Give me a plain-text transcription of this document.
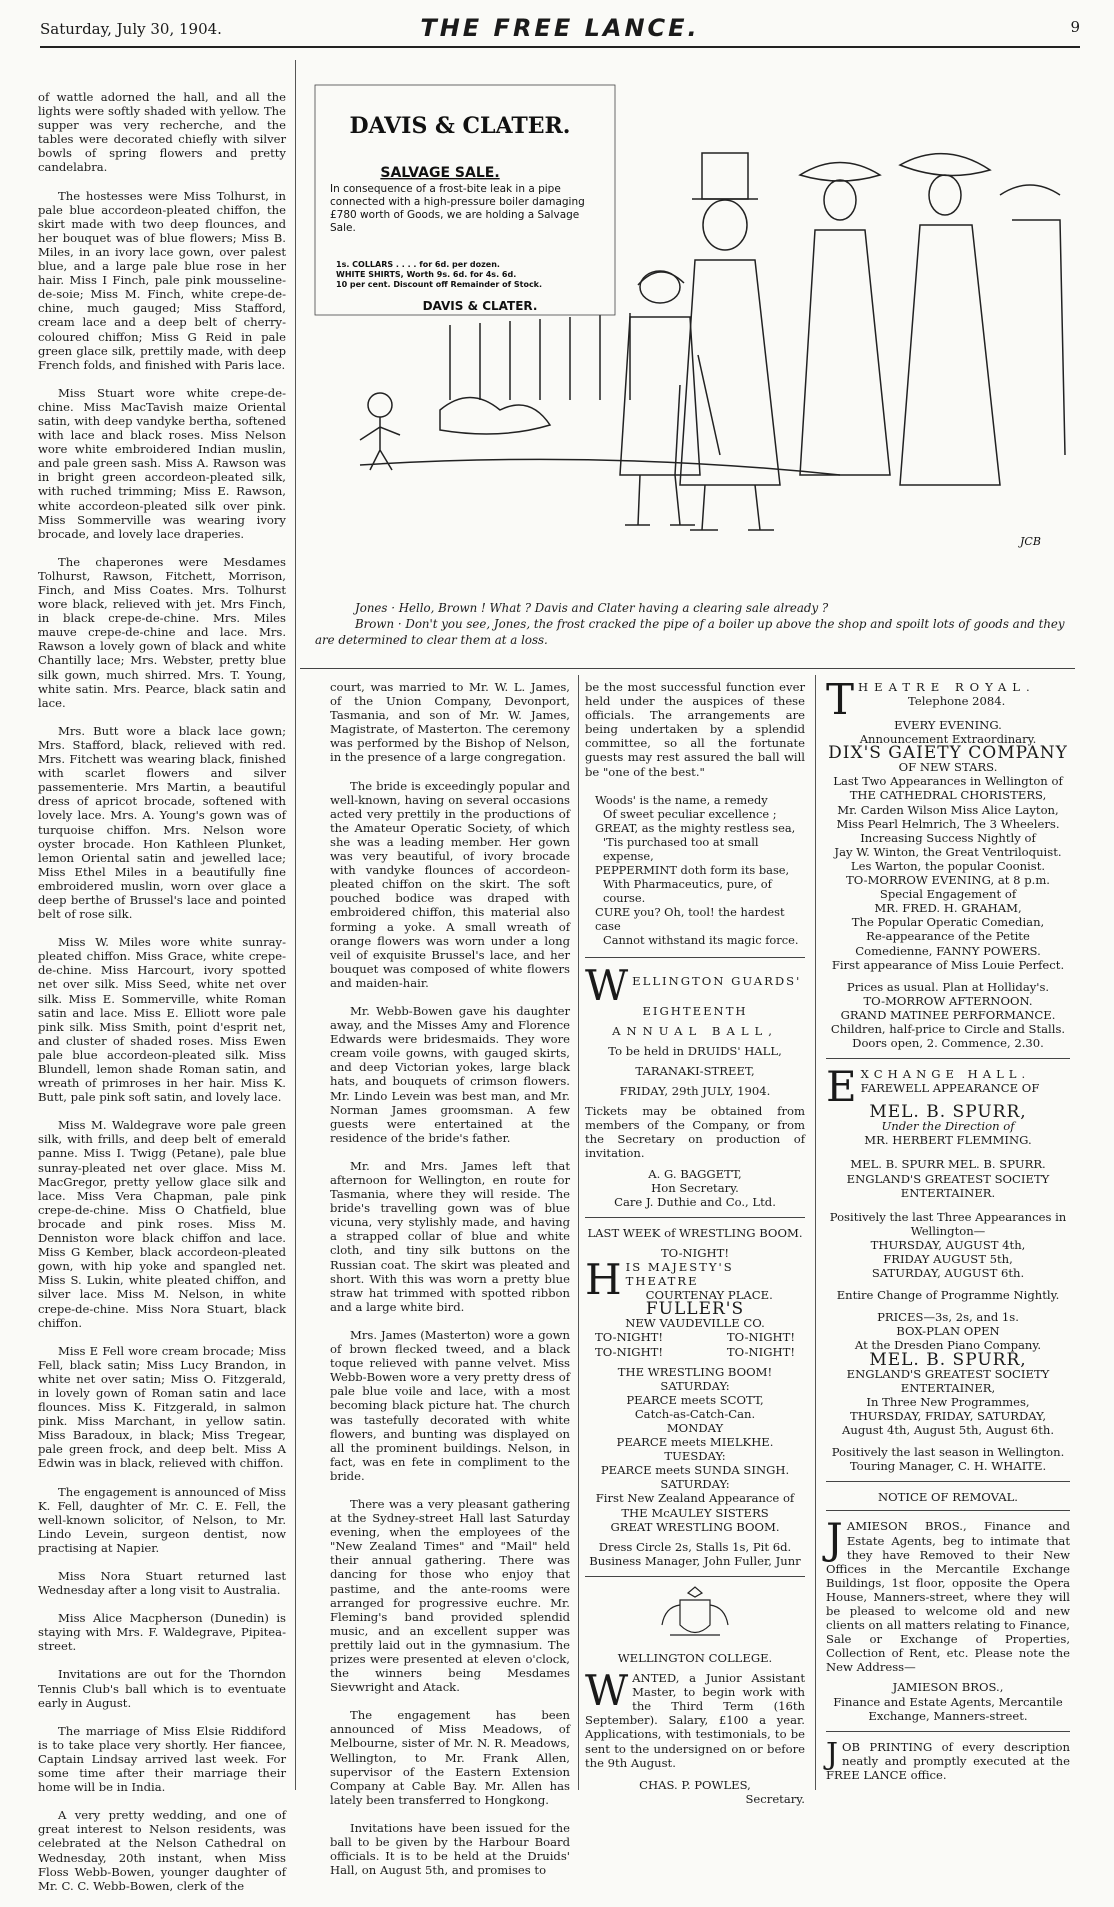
Saturday, July 30, 1904.	THE FREE LANCE.	9

of wattle adorned the hall, and all the lights were softly shaded with yellow. The supper was very recherche, and the tables were decorated chiefly with silver bowls of spring flowers and pretty candelabra.

The hostesses were Miss Tolhurst, in pale blue accordeon-pleated chiffon, the skirt made with two deep flounces, and her bouquet was of blue flowers; Miss B. Miles, in an ivory lace gown, over palest blue, and a large pale blue rose in her hair. Miss I Finch, pale pink mousseline-de-soie; Miss M. Finch, white crepe-de-chine, much gauged; Miss Stafford, cream lace and a deep belt of cherry-coloured chiffon; Miss G Reid in pale green glace silk, prettily made, with deep French folds, and finished with Paris lace.

Miss Stuart wore white crepe-de-chine. Miss MacTavish maize Oriental satin, with deep vandyke bertha, softened with lace and black roses. Miss Nelson wore white embroidered Indian muslin, and pale green sash. Miss A. Rawson was in bright green accordeon-pleated silk, with ruched trimming; Miss E. Rawson, white accordeon-pleated silk over pink. Miss Sommerville was wearing ivory brocade, and lovely lace draperies.

The chaperones were Mesdames Tolhurst, Rawson, Fitchett, Morrison, Finch, and Miss Coates. Mrs. Tolhurst wore black, relieved with jet. Mrs Finch, in black crepe-de-chine. Mrs. Miles mauve crepe-de-chine and lace. Mrs. Rawson a lovely gown of black and white Chantilly lace; Mrs. Webster, pretty blue silk gown, much shirred. Mrs. T. Young, white satin. Mrs. Pearce, black satin and lace.

Mrs. Butt wore a black lace gown; Mrs. Stafford, black, relieved with red. Mrs. Fitchett was wearing black, finished with scarlet flowers and silver passementerie. Mrs Martin, a beautiful dress of apricot brocade, softened with lovely lace. Mrs. A. Young's gown was of turquoise chiffon. Mrs. Nelson wore oyster brocade. Hon Kathleen Plunket, lemon Oriental satin and jewelled lace; Miss Ethel Miles in a beautifully fine embroidered muslin, worn over glace a deep berthe of Brussel's lace and pointed belt of rose silk.

Miss W. Miles wore white sunray-pleated chiffon. Miss Grace, white crepe-de-chine. Miss Harcourt, ivory spotted net over silk. Miss Seed, white net over silk. Miss E. Sommerville, white Roman satin and lace. Miss E. Elliott wore pale pink silk. Miss Smith, point d'esprit net, and cluster of shaded roses. Miss Ewen pale blue accordeon-pleated silk. Miss Blundell, lemon shade Roman satin, and wreath of primroses in her hair. Miss K. Butt, pale pink soft satin, and lovely lace.

Miss M. Waldegrave wore pale green silk, with frills, and deep belt of emerald panne. Miss I. Twigg (Petane), pale blue sunray-pleated net over glace. Miss M. MacGregor, pretty yellow glace silk and lace. Miss Vera Chapman, pale pink crepe-de-chine. Miss O Chatfield, blue brocade and pink roses. Miss M. Denniston wore black chiffon and lace. Miss G Kember, black accordeon-pleated gown, with hip yoke and spangled net. Miss S. Lukin, white pleated chiffon, and silver lace. Miss M. Nelson, in white crepe-de-chine. Miss Nora Stuart, black chiffon.

Miss E Fell wore cream brocade; Miss Fell, black satin; Miss Lucy Brandon, in white net over satin; Miss O. Fitzgerald, in lovely gown of Roman satin and lace flounces. Miss K. Fitzgerald, in salmon pink. Miss Marchant, in yellow satin. Miss Baradoux, in black; Miss Tregear, pale green frock, and deep belt. Miss A Edwin was in black, relieved with chiffon.

The engagement is announced of Miss K. Fell, daughter of Mr. C. E. Fell, the well-known solicitor, of Nelson, to Mr. Lindo Levein, surgeon dentist, now practising at Napier.

Miss Nora Stuart returned last Wednesday after a long visit to Australia.

Miss Alice Macpherson (Dunedin) is staying with Mrs. F. Waldegrave, Pipitea-street.

Invitations are out for the Thorndon Tennis Club's ball which is to eventuate early in August.

The marriage of Miss Elsie Riddiford is to take place very shortly. Her fiancee, Captain Lindsay arrived last week. For some time after their marriage their home will be in India.

A very pretty wedding, and one of great interest to Nelson residents, was celebrated at the Nelson Cathedral on Wednesday, 20th instant, when Miss Floss Webb-Bowen, younger daughter of Mr. C. C. Webb-Bowen, clerk of the

DAVIS & CLATER.
SALVAGE SALE.
In consequence of a frost-bite leak in a pipe connected with a high-pressure boiler damaging £780 worth of Goods, we are holding a Salvage Sale.
1s. COLLARS . . . . for 6d. per dozen.
WHITE SHIRTS, Worth 9s. 6d. for 4s. 6d.
10 per cent. Discount off Remainder of Stock.
DAVIS & CLATER.
JCB
Jones · Hello, Brown ! What ? Davis and Clater having a clearing sale already ?
Brown · Don't you see, Jones, the frost cracked the pipe of a boiler up above the shop and spoilt lots of goods and they are determined to clear them at a loss.

court, was married to Mr. W. L. James, of the Union Company, Devonport, Tasmania, and son of Mr. W. James, Magistrate, of Masterton. The ceremony was performed by the Bishop of Nelson, in the presence of a large congregation.

The bride is exceedingly popular and well-known, having on several occasions acted very prettily in the productions of the Amateur Operatic Society, of which she was a leading member. Her gown was very beautiful, of ivory brocade with vandyke flounces of accordeon-pleated chiffon on the skirt. The soft pouched bodice was draped with embroidered chiffon, this material also forming a yoke. A small wreath of orange flowers was worn under a long veil of exquisite Brussel's lace, and her bouquet was composed of white flowers and maiden-hair.

Mr. Webb-Bowen gave his daughter away, and the Misses Amy and Florence Edwards were bridesmaids. They wore cream voile gowns, with gauged skirts, and deep Victorian yokes, large black hats, and bouquets of crimson flowers. Mr. Lindo Levein was best man, and Mr. Norman James groomsman. A few guests were entertained at the residence of the bride's father.

Mr. and Mrs. James left that afternoon for Wellington, en route for Tasmania, where they will reside. The bride's travelling gown was of blue vicuna, very stylishly made, and having a strapped collar of blue and white cloth, and tiny silk buttons on the Russian coat. The skirt was pleated and short. With this was worn a pretty blue straw hat trimmed with spotted ribbon and a large white bird.

Mrs. James (Masterton) wore a gown of brown flecked tweed, and a black toque relieved with panne velvet. Miss Webb-Bowen wore a very pretty dress of pale blue voile and lace, with a most becoming black picture hat. The church was tastefully decorated with white flowers, and bunting was displayed on all the prominent buildings. Nelson, in fact, was en fete in compliment to the bride.

There was a very pleasant gathering at the Sydney-street Hall last Saturday evening, when the employees of the "New Zealand Times" and "Mail" held their annual gathering. There was dancing for those who enjoy that pastime, and the ante-rooms were arranged for progressive euchre. Mr. Fleming's band provided splendid music, and an excellent supper was prettily laid out in the gymnasium. The prizes were presented at eleven o'clock, the winners being Mesdames Sievwright and Atack.

The engagement has been announced of Miss Meadows, of Melbourne, sister of Mr. N. R. Meadows, Wellington, to Mr. Frank Allen, supervisor of the Eastern Extension Company at Cable Bay. Mr. Allen has lately been transferred to Hongkong.

Invitations have been issued for the ball to be given by the Harbour Board officials. It is to be held at the Druids' Hall, on August 5th, and promises to

be the most successful function ever held under the auspices of these officials. The arrangements are being undertaken by a splendid committee, so all the fortunate guests may rest assured the ball will be "one of the best."

Woods' is the name, a remedy
Of sweet peculiar excellence ;
GREAT, as the mighty restless sea,
'Tis purchased too at small expense,
PEPPERMINT doth form its base,
With Pharmaceutics, pure, of course.
CURE you? Oh, tool! the hardest case
Cannot withstand its magic force.
WELLINGTON GUARDS'
EIGHTEENTH
ANNUAL BALL,
To be held in DRUIDS' HALL,
TARANAKI-STREET,
FRIDAY, 29th JULY, 1904.
Tickets may be obtained from members of the Company, or from the Secretary on production of invitation.
A. G. BAGGETT,
Hon Secretary.
Care J. Duthie and Co., Ltd.
LAST WEEK of WRESTLING BOOM.
TO-NIGHT!
HIS MAJESTY'S THEATRE
COURTENAY PLACE.
FULLER'S
NEW VAUDEVILLE CO.
TO-NIGHT!	TO-NIGHT!
TO-NIGHT!	TO-NIGHT!
THE WRESTLING BOOM!
SATURDAY:
PEARCE meets SCOTT,
Catch-as-Catch-Can.
MONDAY
PEARCE meets MIELKHE.
TUESDAY:
PEARCE meets SUNDA SINGH.
SATURDAY:
First New Zealand Appearance of
THE McAULEY SISTERS
GREAT WRESTLING BOOM.
Dress Circle 2s, Stalls 1s, Pit 6d.
Business Manager, John Fuller, Junr
WELLINGTON COLLEGE.
WANTED, a Junior Assistant Master, to begin work with the Third Term (16th September). Salary, £100 a year. Applications, with testimonials, to be sent to the undersigned on or before the 9th August.
CHAS. P. POWLES,
Secretary.
THEATRE ROYAL.
Telephone 2084.
EVERY EVENING.
Announcement Extraordinary.
DIX'S GAIETY COMPANY
OF NEW STARS.
Last Two Appearances in Wellington of
THE CATHEDRAL CHORISTERS,
Mr. Carden Wilson Miss Alice Layton,
Miss Pearl Helmrich, The 3 Wheelers.
Increasing Success Nightly of
Jay W. Winton, the Great Ventriloquist. Les Warton, the popular Coonist.
TO-MORROW EVENING, at 8 p.m.
Special Engagement of
MR. FRED. H. GRAHAM,
The Popular Operatic Comedian,
Re-appearance of the Petite Comedienne, FANNY POWERS.
First appearance of Miss Louie Perfect.
Prices as usual. Plan at Holliday's.
TO-MORROW AFTERNOON.
GRAND MATINEE PERFORMANCE.
Children, half-price to Circle and Stalls.
Doors open, 2. Commence, 2.30.
EXCHANGE HALL.
FAREWELL APPEARANCE OF
MEL. B. SPURR,
Under the Direction of
MR. HERBERT FLEMMING.
MEL. B. SPURR MEL. B. SPURR.
ENGLAND'S GREATEST SOCIETY ENTERTAINER.
Positively the last Three Appearances in Wellington—
THURSDAY, AUGUST 4th,
FRIDAY AUGUST 5th,
SATURDAY, AUGUST 6th.
Entire Change of Programme Nightly.
PRICES—3s, 2s, and 1s.
BOX-PLAN OPEN
At the Dresden Piano Company.
MEL. B. SPURR,
ENGLAND'S GREATEST SOCIETY ENTERTAINER,
In Three New Programmes,
THURSDAY, FRIDAY, SATURDAY,
August 4th, August 5th, August 6th.
Positively the last season in Wellington.
Touring Manager, C. H. WHAITE.
NOTICE OF REMOVAL.
JAMIESON BROS., Finance and Estate Agents, beg to intimate that they have Removed to their New Offices in the Mercantile Exchange Buildings, 1st floor, opposite the Opera House, Manners-street, where they will be pleased to welcome old and new clients on all matters relating to Finance, Sale or Exchange of Properties, Collection of Rent, etc. Please note the New Address—
JAMIESON BROS.,
Finance and Estate Agents, Mercantile Exchange, Manners-street.
JOB PRINTING of every description neatly and promptly executed at the FREE LANCE office.
